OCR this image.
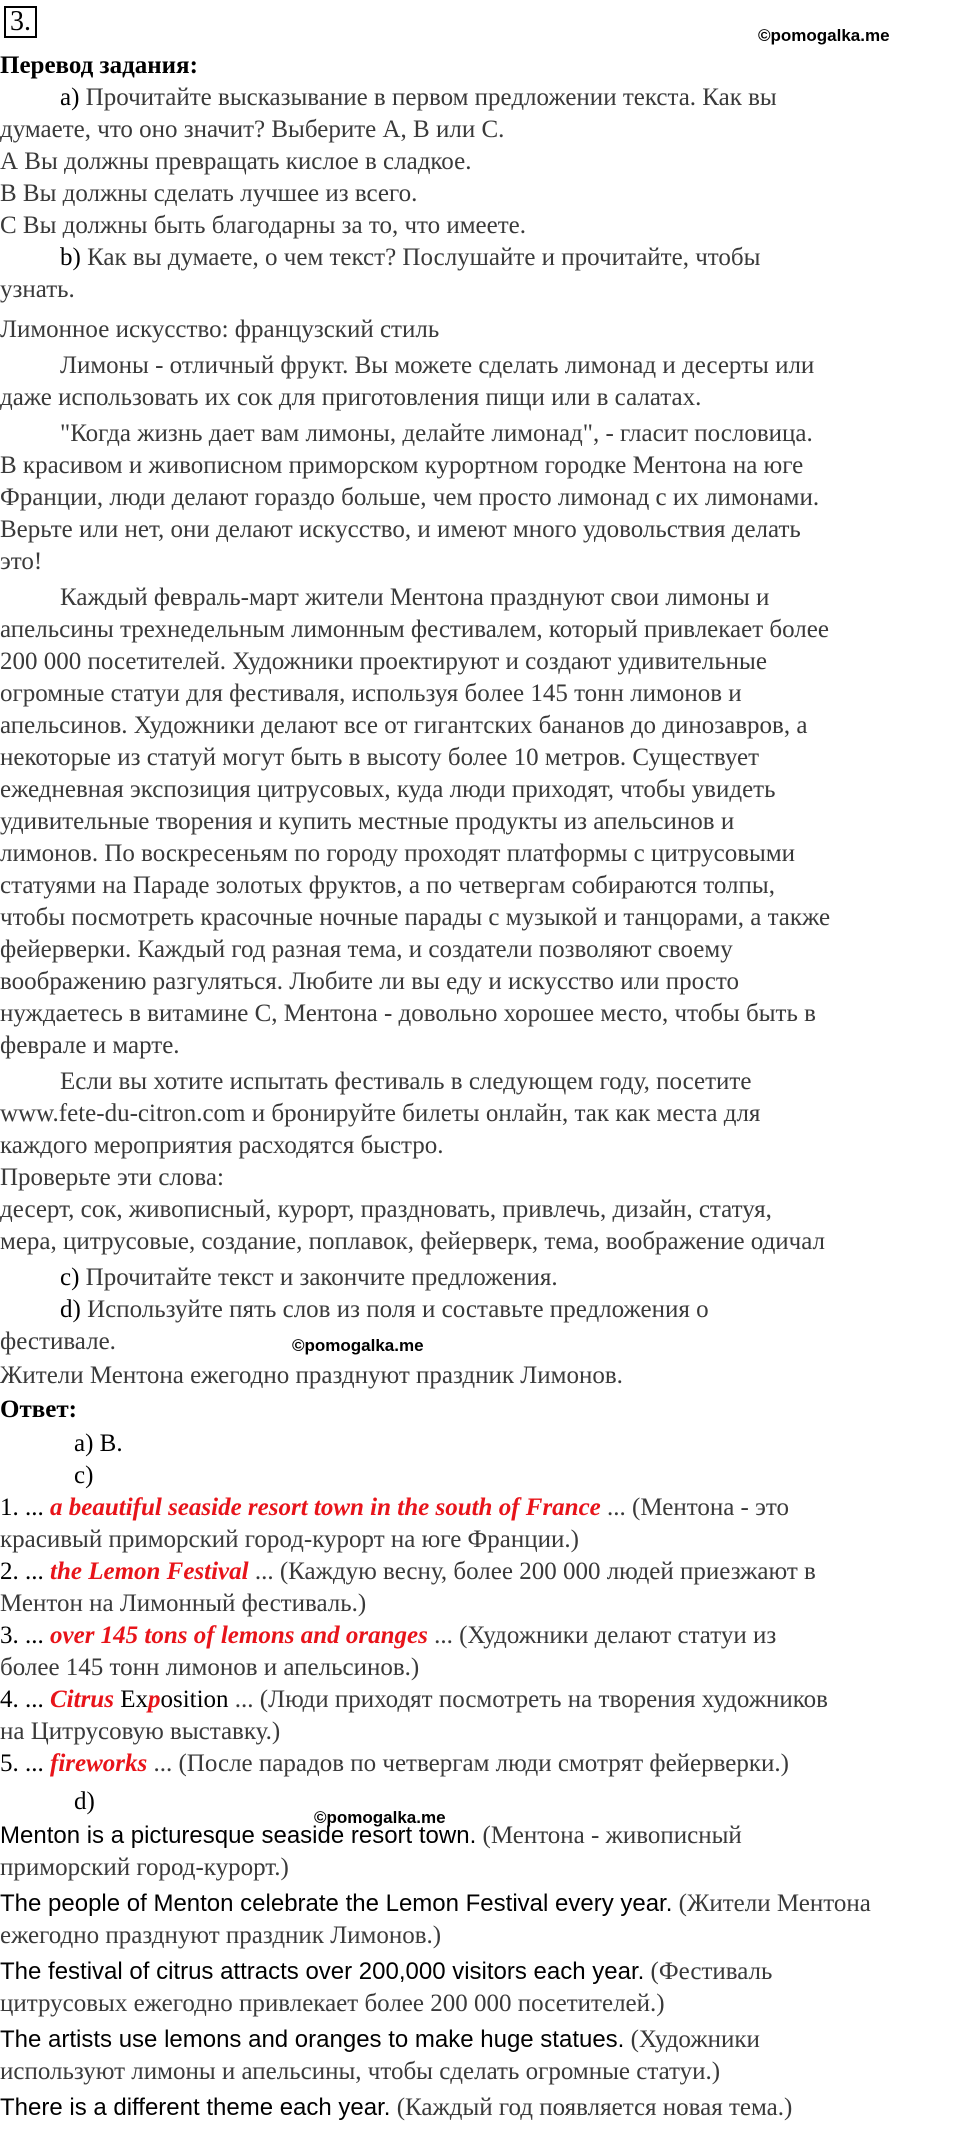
3.	©pomogalka.me
Перевод задания:
а) Прочитайте высказывание в первом предложении текста. Как вы
думаете, что оно значит? Выберите А, B или C.
А Вы должны превращать кислое в сладкое.
B Вы должны сделать лучшее из всего.
C Вы должны быть благодарны за то, что имеете.
b) Как вы думаете, о чем текст? Послушайте и прочитайте, чтобы
узнать.
Лимонное искусство: французский стиль
Лимоны - отличный фрукт. Вы можете сделать лимонад и десерты или
даже использовать их сок для приготовления пищи или в салатах.
"Когда жизнь дает вам лимоны, делайте лимонад", - гласит пословица.
В красивом и живописном приморском курортном городке Ментона на юге
Франции, люди делают гораздо больше, чем просто лимонад с их лимонами.
Верьте или нет, они делают искусство, и имеют много удовольствия делать
это!
Каждый февраль-март жители Ментона празднуют свои лимоны и
апельсины трехнедельным лимонным фестивалем, который привлекает более
200 000 посетителей. Художники проектируют и создают удивительные
огромные статуи для фестиваля, используя более 145 тонн лимонов и
апельсинов. Художники делают все от гигантских бананов до динозавров, а
некоторые из статуй могут быть в высоту более 10 метров. Существует
ежедневная экспозиция цитрусовых, куда люди приходят, чтобы увидеть
удивительные творения и купить местные продукты из апельсинов и
лимонов. По воскресеньям по городу проходят платформы с цитрусовыми
статуями на Параде золотых фруктов, а по четвергам собираются толпы,
чтобы посмотреть красочные ночные парады с музыкой и танцорами, а также
фейерверки. Каждый год разная тема, и создатели позволяют своему
воображению разгуляться. Любите ли вы еду и искусство или просто
нуждаетесь в витамине С, Ментона - довольно хорошее место, чтобы быть в
феврале и марте.
Если вы хотите испытать фестиваль в следующем году, посетите
www.fete-du-citron.com и бронируйте билеты онлайн, так как места для
каждого мероприятия расходятся быстро.
Проверьте эти слова:
десерт, сок, живописный, курорт, праздновать, привлечь, дизайн, статуя,
мера, цитрусовые, создание, поплавок, фейерверк, тема, воображение одичал
c) Прочитайте текст и закончите предложения.
d) Используйте пять слов из поля и составьте предложения о
фестивале.	©pomogalka.me
Жители Ментона ежегодно празднуют праздник Лимонов.
Ответ:
а) В.
c)
1. ... a beautiful seaside resort town in the south of France ... (Ментона - это
красивый приморский город-курорт на юге Франции.)
2. ... the Lemon Festival ... (Каждую весну, более 200 000 людей приезжают в
Ментон на Лимонный фестиваль.)
3. ... over 145 tons of lemons and oranges ... (Художники делают статуи из
более 145 тонн лимонов и апельсинов.)
4. ... Citrus Exposition ... (Люди приходят посмотреть на творения художников
на Цитрусовую выставку.)
5. ... fireworks ... (После парадов по четвергам люди смотрят фейерверки.)
d)
©pomogalka.me
Menton is a picturesque seaside resort town. (Ментона - живописный
приморский город-курорт.)
The people of Menton celebrate the Lemon Festival every year. (Жители Ментона
ежегодно празднуют праздник Лимонов.)
The festival of citrus attracts over 200,000 visitors each year. (Фестиваль
цитрусовых ежегодно привлекает более 200 000 посетителей.)
The artists use lemons and oranges to make huge statues. (Художники
используют лимоны и апельсины, чтобы сделать огромные статуи.)
There is a different theme each year. (Каждый год появляется новая тема.)
